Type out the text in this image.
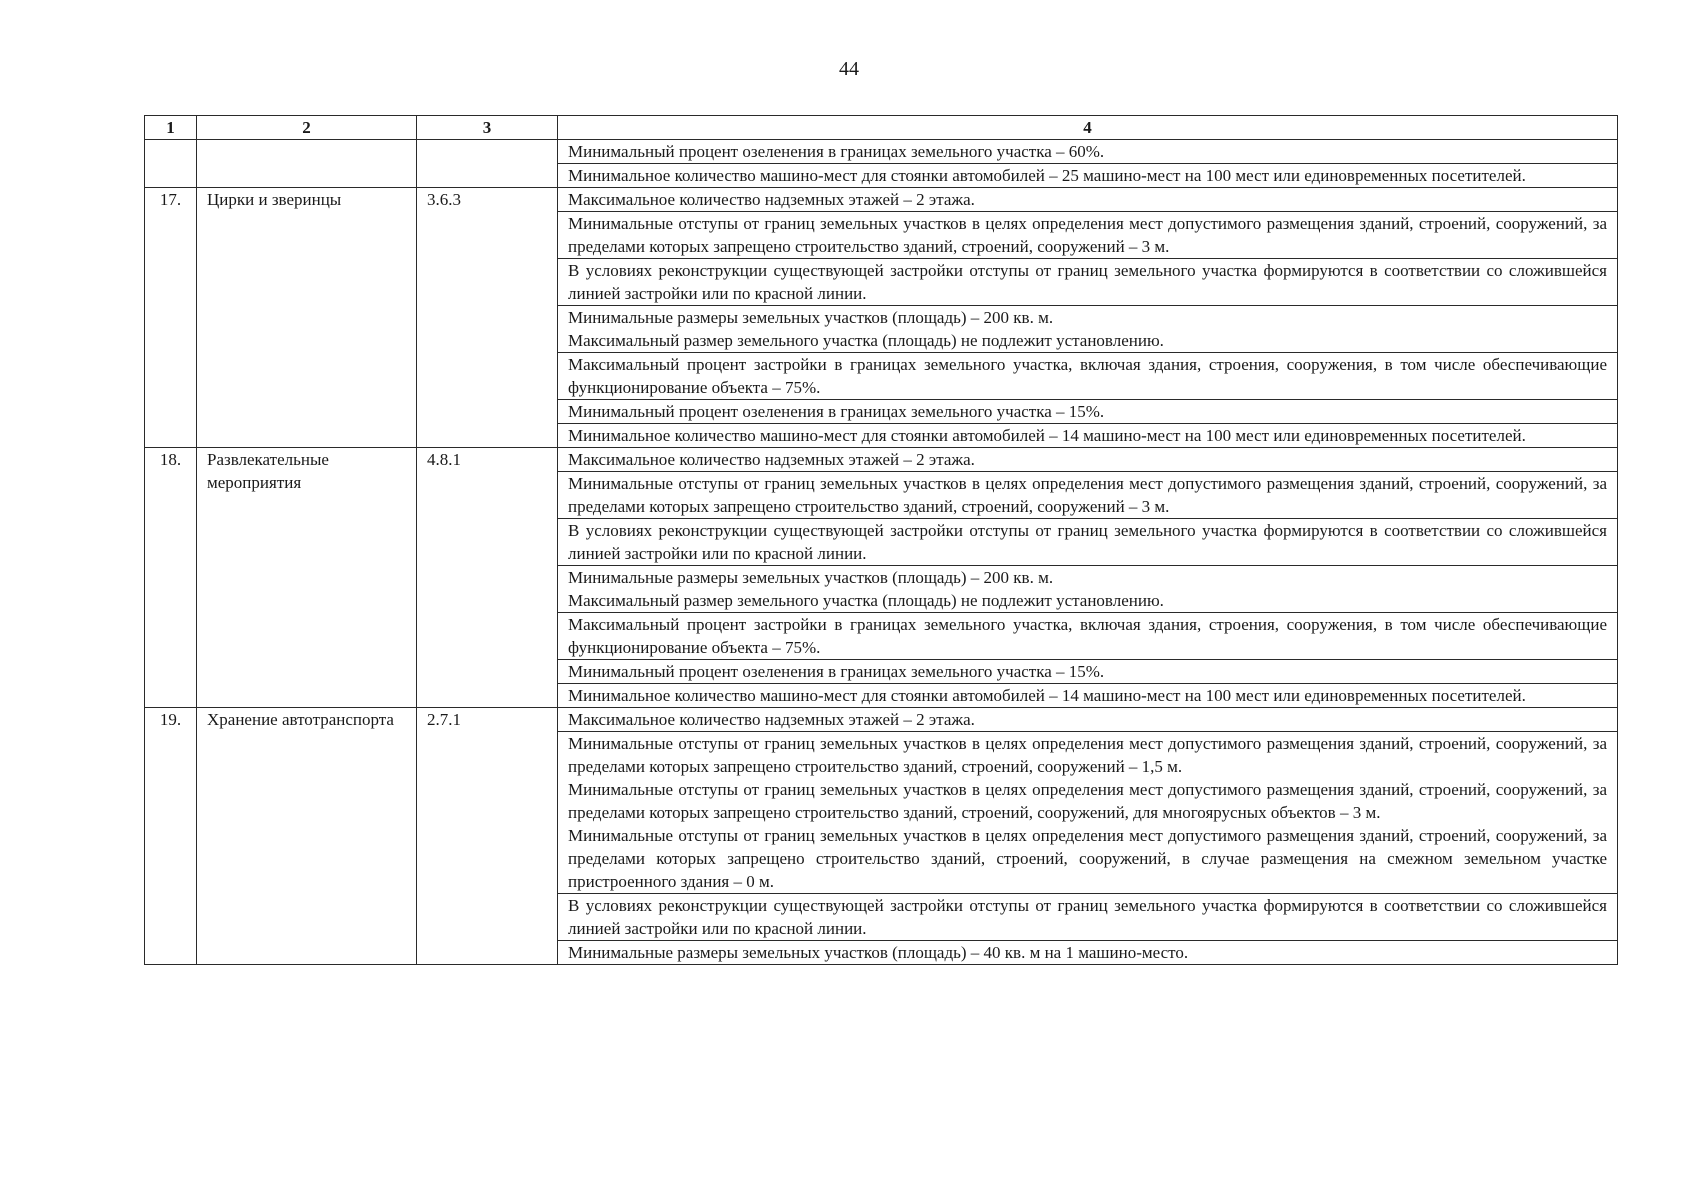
44
1	2	3	4
			Минимальный процент озеленения в границах земельного участка – 60%.
			Минимальное количество машино-мест для стоянки автомобилей – 25 машино-мест на 100 мест или единовременных посетителей.
17.	Цирки и зверинцы	3.6.3	Максимальное количество надземных этажей – 2 этажа.

			Минимальные отступы от границ земельных участков в целях определения мест допустимого размещения зданий, строений, сооружений, за пределами которых запрещено строительство зданий, строений, сооружений – 3 м.

			В условиях реконструкции существующей застройки отступы от границ земельного участка формируются в соответствии со сложившейся линией застройки или по красной линии.

			Минимальные размеры земельных участков (площадь) – 200 кв. м.
Максимальный размер земельного участка (площадь) не подлежит установлению.

			Максимальный процент застройки в границах земельного участка, включая здания, строения, сооружения, в том числе обеспечивающие функционирование объекта – 75%.

			Минимальный процент озеленения в границах земельного участка – 15%.

			Минимальное количество машино-мест для стоянки автомобилей – 14 машино-мест на 100 мест или единовременных посетителей.

18.	Развлекательные мероприятия	4.8.1	Максимальное количество надземных этажей – 2 этажа.

			Минимальные отступы от границ земельных участков в целях определения мест допустимого размещения зданий, строений, сооружений, за пределами которых запрещено строительство зданий, строений, сооружений – 3 м.

			В условиях реконструкции существующей застройки отступы от границ земельного участка формируются в соответствии со сложившейся линией застройки или по красной линии.

			Минимальные размеры земельных участков (площадь) – 200 кв. м.
Максимальный размер земельного участка (площадь) не подлежит установлению.

			Максимальный процент застройки в границах земельного участка, включая здания, строения, сооружения, в том числе обеспечивающие функционирование объекта – 75%.

			Минимальный процент озеленения в границах земельного участка – 15%.

			Минимальное количество машино-мест для стоянки автомобилей – 14 машино-мест на 100 мест или единовременных посетителей.

19.	Хранение автотранспорта	2.7.1	Максимальное количество надземных этажей – 2 этажа.

			Минимальные отступы от границ земельных участков в целях определения мест допустимого размещения зданий, строений, сооружений, за пределами которых запрещено строительство зданий, строений, сооружений – 1,5 м.
Минимальные отступы от границ земельных участков в целях определения мест допустимого размещения зданий, строений, сооружений, за пределами которых запрещено строительство зданий, строений, сооружений, для многоярусных объектов – 3 м.
Минимальные отступы от границ земельных участков в целях определения мест допустимого размещения зданий, строений, сооружений, за пределами которых запрещено строительство зданий, строений, сооружений, в случае размещения на смежном земельном участке пристроенного здания – 0 м.

			В условиях реконструкции существующей застройки отступы от границ земельного участка формируются в соответствии со сложившейся линией застройки или по красной линии.

			Минимальные размеры земельных участков (площадь) – 40 кв. м на 1 машино-место.
